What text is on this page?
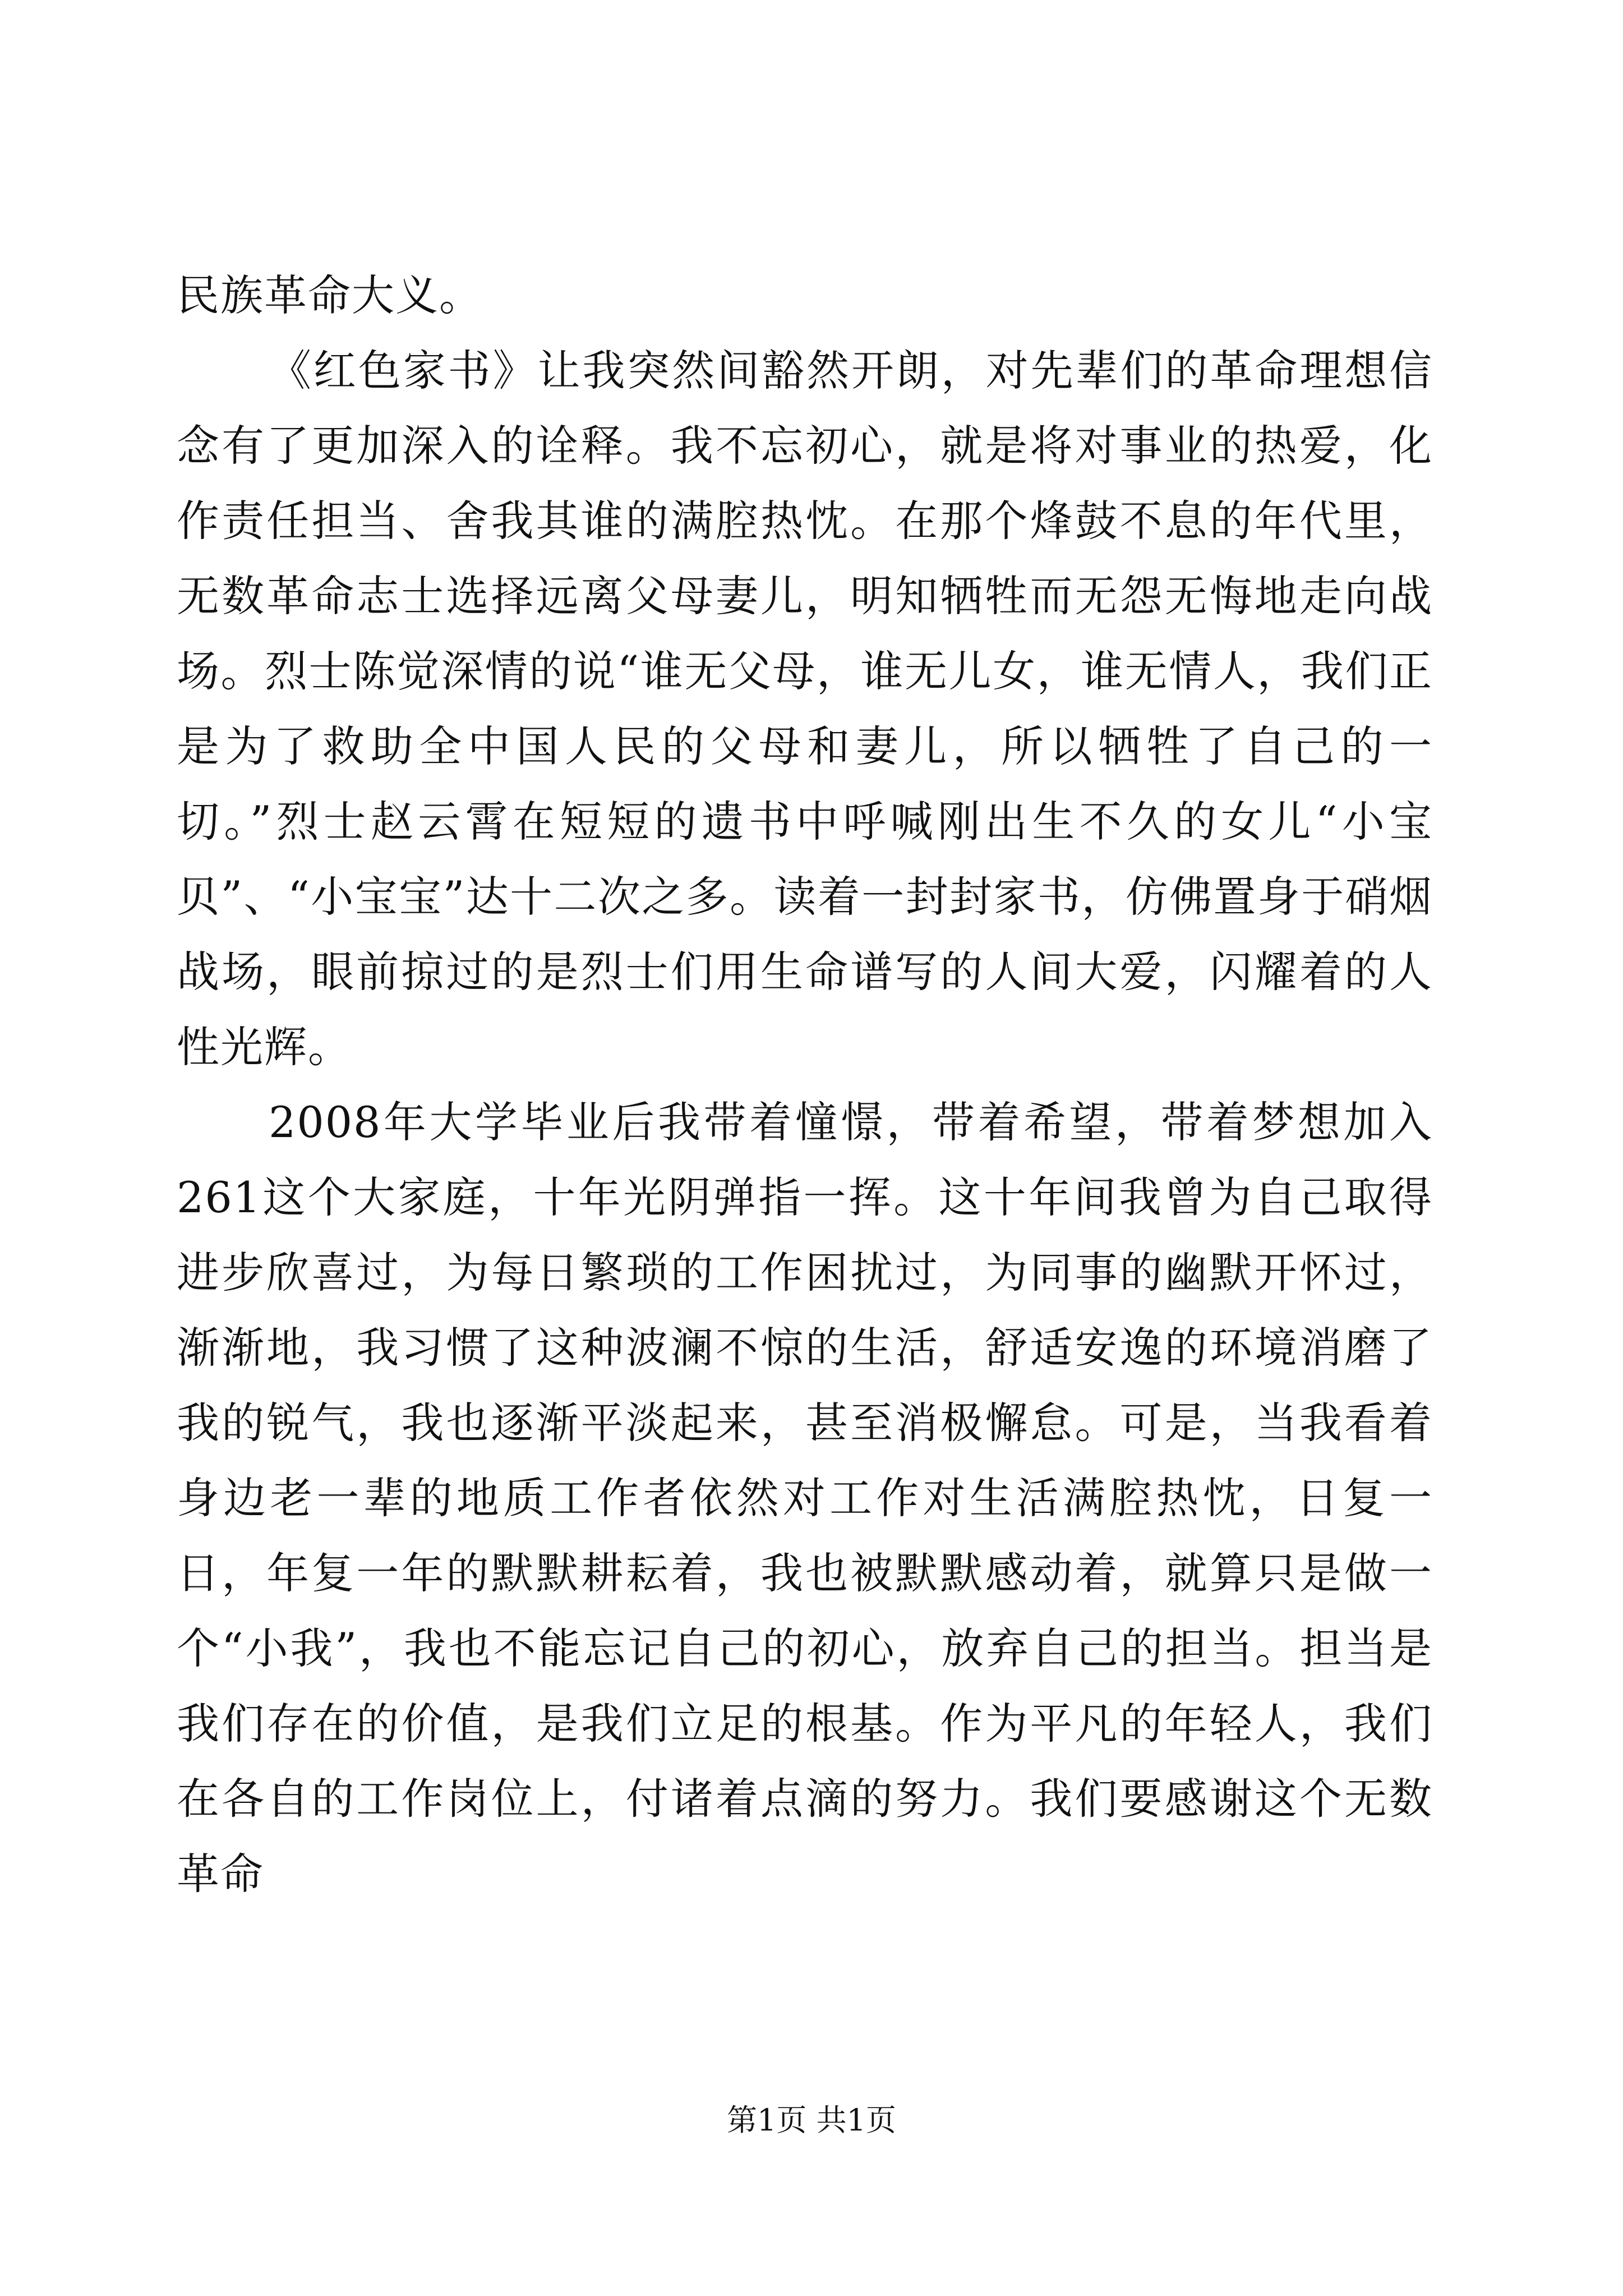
民族革命大义。

《红色家书》让我突然间豁然开朗，对先辈们的革命理想信念有了更加深入的诠释。我不忘初心，就是将对事业的热爱，化作责任担当、舍我其谁的满腔热忱。在那个烽鼓不息的年代里，无数革命志士选择远离父母妻儿，明知牺牲而无怨无悔地走向战场。烈士陈觉深情的说“谁无父母，谁无儿女，谁无情人，我们正是为了救助全中国人民的父母和妻儿，所以牺牲了自己的一切。”烈士赵云霄在短短的遗书中呼喊刚出生不久的女儿“小宝贝”、“小宝宝”达十二次之多。读着一封封家书，仿佛置身于硝烟战场，眼前掠过的是烈士们用生命谱写的人间大爱，闪耀着的人性光辉。

2008年大学毕业后我带着憧憬，带着希望，带着梦想加入261这个大家庭，十年光阴弹指一挥。这十年间我曾为自己取得进步欣喜过，为每日繁琐的工作困扰过，为同事的幽默开怀过，渐渐地，我习惯了这种波澜不惊的生活，舒适安逸的环境消磨了我的锐气，我也逐渐平淡起来，甚至消极懈怠。可是，当我看着身边老一辈的地质工作者依然对工作对生活满腔热忱，日复一日，年复一年的默默耕耘着，我也被默默感动着，就算只是做一个“小我”，我也不能忘记自己的初心，放弃自己的担当。担当是我们存在的价值，是我们立足的根基。作为平凡的年轻人，我们在各自的工作岗位上，付诸着点滴的努力。我们要感谢这个无数革命

第1页 共1页
